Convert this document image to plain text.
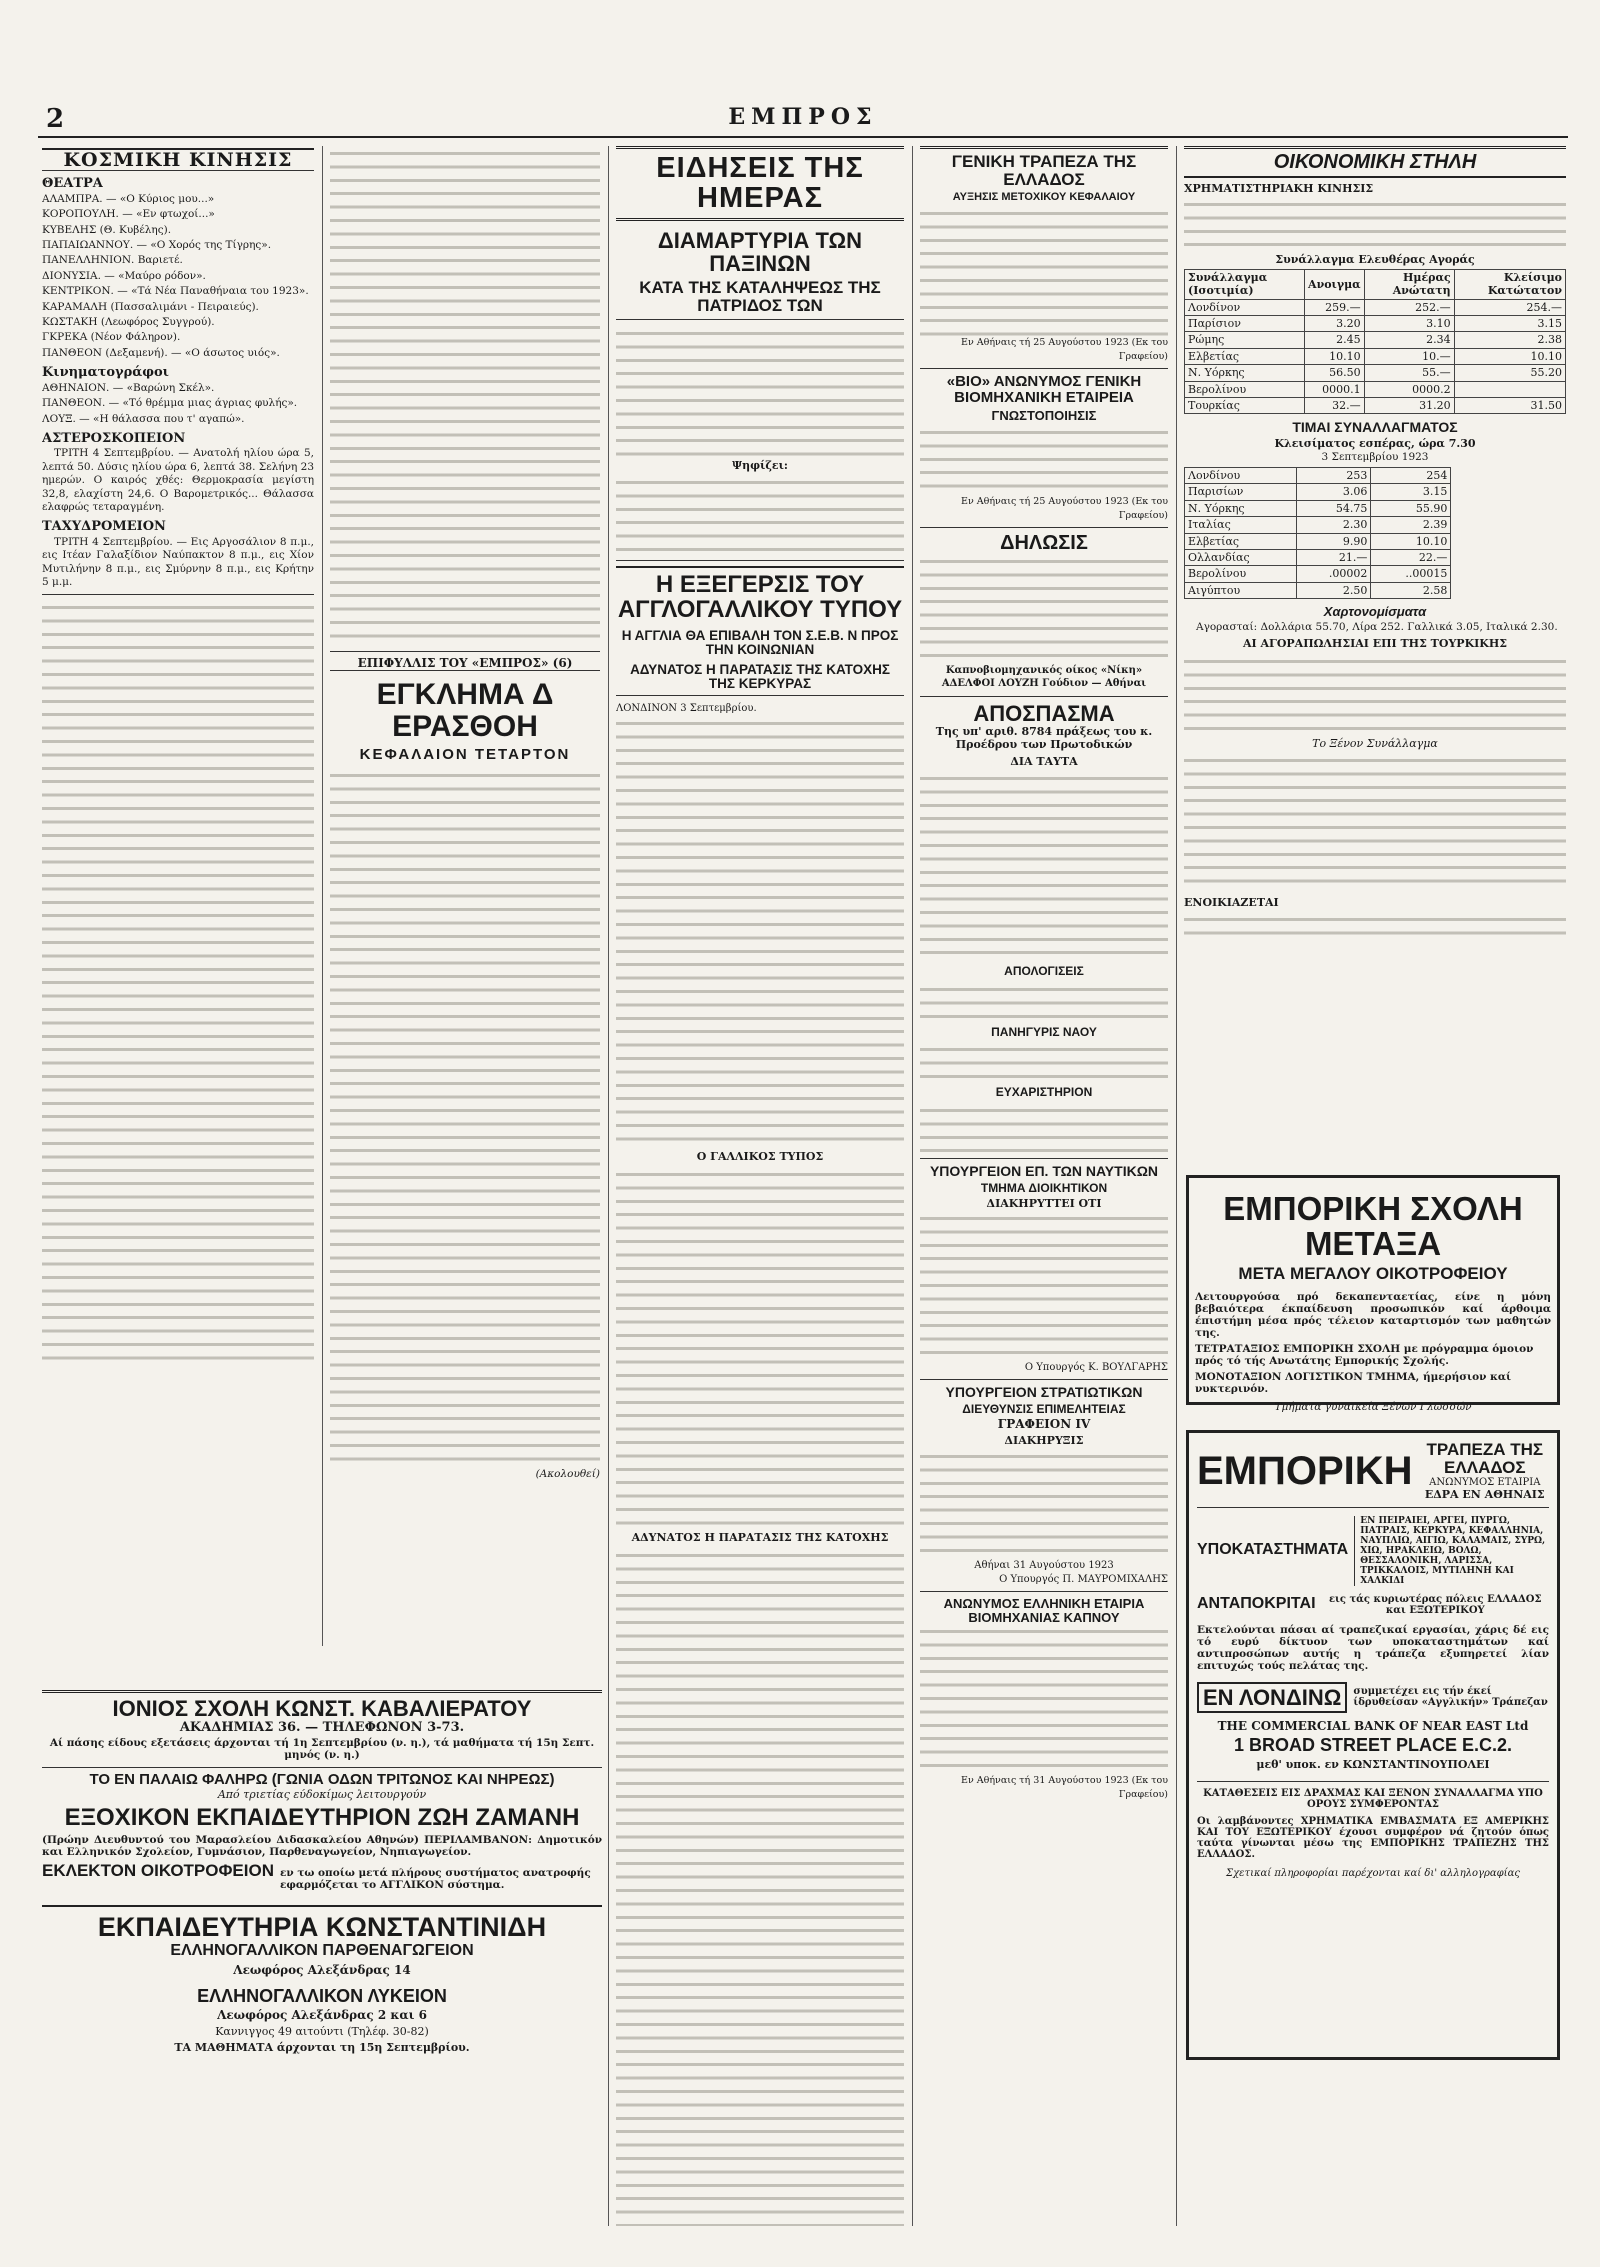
2	ΕΜΠΡΟΣ
ΚΟΣΜΙΚΗ ΚΙΝΗΣΙΣ
ΘΕΑΤΡΑ
ΑΛΑΜΠΡΑ. — «Ο Κύριος μου...»
ΚΟΡΟΠΟΥΛΗ. — «Εν φτωχοί...»
ΚΥΒΕΛΗΣ (Θ. Κυβέλης).
ΠΑΠΑΙΩΑΝΝΟΥ. — «Ο Χορός της Τίγρης».
ΠΑΝΕΛΛΗΝΙΟΝ. Βαριετέ.
ΔΙΟΝΥΣΙΑ. — «Μαύρο ρόδον».
ΚΕΝΤΡΙΚΟΝ. — «Τά Νέα Παναθήναια του 1923».
ΚΑΡΑΜΑΛΗ (Πασσαλιμάνι - Πειραιεύς).
ΚΩΣΤΑΚΗ (Λεωφόρος Συγγρού).
ΓΚΡΕΚΑ (Νέον Φάληρον).
ΠΑΝΘΕΟΝ (Δεξαμενή). — «Ο άσωτος υιός».
Κινηματογράφοι
ΑΘΗΝΑΙΟΝ. — «Βαρώνη Σκέλ».
ΠΑΝΘΕΟΝ. — «Τό θρέμμα μιας άγριας φυλής».
ΛΟΥΞ. — «Η θάλασσα που τ' αγαπώ».
ΑΣΤΕΡΟΣΚΟΠΕΙΟΝ

ΤΡΙΤΗ 4 Σεπτεμβρίου. — Ανατολή ηλίου ώρα 5, λεπτά 50. Δύσις ηλίου ώρα 6, λεπτά 38. Σελήνη 23 ημερών. Ο καιρός χθές: Θερμοκρασία μεγίστη 32,8, ελαχίστη 24,6. Ο Βαρομετρικός... Θάλασσα ελαφρώς τεταραγμένη.

ΤΑΧΥΔΡΟΜΕΙΟΝ

ΤΡΙΤΗ 4 Σεπτεμβρίου. — Εις Αργοσάλιον 8 π.μ., εις Ιτέαν Γαλαξίδιον Ναύπακτον 8 π.μ., εις Χίον Μυτιλήνην 8 π.μ., εις Σμύρνην 8 π.μ., εις Κρήτην 5 μ.μ.

ΕΠΙΦΥΛΛΙΣ ΤΟΥ «ΕΜΠΡΟΣ» (6)
ΕΓΚΛΗΜΑ Δ ΕΡΑΣΘΟΗ
ΚΕΦΑΛΑΙΟΝ ΤΕΤΑΡΤΟΝ
(Ακολουθεί)
ΕΙΔΗΣΕΙΣ ΤΗΣ ΗΜΕΡΑΣ
ΔΙΑΜΑΡΤΥΡΙΑ ΤΩΝ ΠΑΞΙΝΩΝ
ΚΑΤΑ ΤΗΣ ΚΑΤΑΛΗΨΕΩΣ ΤΗΣ ΠΑΤΡΙΔΟΣ ΤΩΝ
Ψηφίζει:
Η ΕΞΕΓΕΡΣΙΣ ΤΟΥ ΑΓΓΛΟΓΑΛΛΙΚΟΥ ΤΥΠΟΥ
Η ΑΓΓΛΙΑ ΘΑ ΕΠΙΒΑΛΗ ΤΟΝ Σ.Ε.Β. Ν ΠΡΟΣ ΤΗΝ ΚΟΙΝΩΝΙΑΝ
ΑΔΥΝΑΤΟΣ Η ΠΑΡΑΤΑΣΙΣ ΤΗΣ ΚΑΤΟΧΗΣ ΤΗΣ ΚΕΡΚΥΡΑΣ
ΛΟΝΔΙΝΟΝ 3 Σεπτεμβρίου.
Ο ΓΑΛΛΙΚΟΣ ΤΥΠΟΣ
ΑΔΥΝΑΤΟΣ Η ΠΑΡΑΤΑΣΙΣ ΤΗΣ ΚΑΤΟΧΗΣ
ΓΕΝΙΚΗ ΤΡΑΠΕΖΑ ΤΗΣ ΕΛΛΑΔΟΣ
ΑΥΞΗΣΙΣ ΜΕΤΟΧΙΚΟΥ ΚΕΦΑΛΑΙΟΥ
Εν Αθήναις τή 25 Αυγούστου 1923 (Εκ του Γραφείου)
«ΒΙΟ» ΑΝΩΝΥΜΟΣ ΓΕΝΙΚΗ ΒΙΟΜΗΧΑΝΙΚΗ ΕΤΑΙΡΕΙΑ
ΓΝΩΣΤΟΠΟΙΗΣΙΣ
Εν Αθήναις τή 25 Αυγούστου 1923 (Εκ του Γραφείου)
ΔΗΛΩΣΙΣ
Καπνοβιομηχανικός οίκος «Νίκη» ΑΔΕΛΦΟΙ ΛΟΥΖΗ Γούδιον — Αθήναι
ΑΠΟΣΠΑΣΜΑ
Της υπ' αριθ. 8784 πράξεως του κ. Προέδρου των Πρωτοδικών
ΔΙΑ ΤΑΥΤΑ
ΑΠΟΛΟΓΙΣΕΙΣ
ΠΑΝΗΓΥΡΙΣ ΝΑΟΥ
ΕΥΧΑΡΙΣΤΗΡΙΟΝ
ΥΠΟΥΡΓΕΙΟΝ ΕΠ. ΤΩΝ ΝΑΥΤΙΚΩΝ
ΤΜΗΜΑ ΔΙΟΙΚΗΤΙΚΟΝ
ΔΙΑΚΗΡΥΤΤΕΙ ΟΤΙ
Ο Υπουργός Κ. ΒΟΥΛΓΑΡΗΣ
ΥΠΟΥΡΓΕΙΟΝ ΣΤΡΑΤΙΩΤΙΚΩΝ
ΔΙΕΥΘΥΝΣΙΣ ΕΠΙΜΕΛΗΤΕΙΑΣ
ΓΡΑΦΕΙΟΝ IV
ΔΙΑΚΗΡΥΞΙΣ
Αθήναι 31 Αυγούστου 1923
Ο Υπουργός Π. ΜΑΥΡΟΜΙΧΑΛΗΣ
ΑΝΩΝΥΜΟΣ ΕΛΛΗΝΙΚΗ ΕΤΑΙΡΙΑ ΒΙΟΜΗΧΑΝΙΑΣ ΚΑΠΝΟΥ
Εν Αθήναις τή 31 Αυγούστου 1923 (Εκ του Γραφείου)
ΟΙΚΟΝΟΜΙΚΗ ΣΤΗΛΗ
ΧΡΗΜΑΤΙΣΤΗΡΙΑΚΗ ΚΙΝΗΣΙΣ
Συνάλλαγμα Ελευθέρας Αγοράς
Συνάλλαγμα (Ισοτιμία)	Ανοιγμα	Ημέρας Ανώτατη	Κλείσιμο Κατώτατον
Λονδίνον	259.—	252.—	254.—
Παρίσιον	3.20	3.10	3.15
Ρώμης	2.45	2.34	2.38
Ελβετίας	10.10	10.—	10.10
Ν. Υόρκης	56.50	55.—	55.20
Βερολίνου	0000.1	0000.2	
Τουρκίας	32.—	31.20	31.50
ΤΙΜΑΙ ΣΥΝΑΛΛΑΓΜΑΤΟΣ
Κλεισίματος εσπέρας, ώρα 7.30
3 Σεπτεμβρίου 1923
Λονδίνου	253	254
Παρισίων	3.06	3.15
Ν. Υόρκης	54.75	55.90
Ιταλίας	2.30	2.39
Ελβετίας	9.90	10.10
Ολλανδίας	21.—	22.—
Βερολίνου	.00002	..00015
Αιγύπτου	2.50	2.58
Χαρτονομίσματα

Αγορασταί: Δολλάρια 55.70, Λίρα 252. Γαλλικά 3.05, Ιταλικά 2.30.

ΑΙ ΑΓΟΡΑΠΩΛΗΣΙΑΙ ΕΠΙ ΤΗΣ ΤΟΥΡΚΙΚΗΣ
Το Ξένον Συνάλλαγμα
ΕΝΟΙΚΙΑΖΕΤΑΙ
ΕΜΠΟΡΙΚΗ ΣΧΟΛΗ ΜΕΤΑΞΑ
ΜΕΤΑ ΜΕΓΑΛΟΥ ΟΙΚΟΤΡΟΦΕΙΟΥ
Λειτουργούσα πρό δεκαπενταετίας, είνε η μόνη βεβαιότερα έκπαίδευση προσωπικόν καί άρθοιμα έπιστήμη μέσα πρός τέλειον καταρτισμόν των μαθητών της.
ΤΕΤΡΑΤΑΞΙΟΣ ΕΜΠΟΡΙΚΗ ΣΧΟΛΗ με πρόγραμμα όμοιον πρός τό τής Ανωτάτης Εμπορικής Σχολής.
ΜΟΝΟΤΑΞΙΟΝ ΛΟΓΙΣΤΙΚΟΝ ΤΜΗΜΑ, ήμερήσιον καί νυκτερινόν.
Τμήματα γυναικεία Ξένων Γλωσσών
ΕΜΠΟΡΙΚΗ ΤΡΑΠΕΖΑ ΤΗΣ ΕΛΛΑΔΟΣ
ΑΝΩΝΥΜΟΣ ΕΤΑΙΡΙΑ
ΕΔΡΑ ΕΝ ΑΘΗΝΑΙΣ
ΥΠΟΚΑΤΑΣΤΗΜΑΤΑ
ΕΝ ΠΕΙΡΑΙΕΙ, ΑΡΓΕΙ, ΠΥΡΓΩ, ΠΑΤΡΑΙΣ, ΚΕΡΚΥΡΑ, ΚΕΦΑΛΛΗΝΙΑ, ΝΑΥΠΛΙΩ, ΑΙΓΙΩ, ΚΑΛΑΜΑΙΣ, ΣΥΡΩ, ΧΙΩ, ΗΡΑΚΛΕΙΩ, ΒΟΛΩ, ΘΕΣΣΑΛΟΝΙΚΗ, ΛΑΡΙΣΣΑ, ΤΡΙΚΚΑΛΟΙΣ, ΜΥΤΙΛΗΝΗ ΚΑΙ ΧΑΛΚΙΔΙ
ΑΝΤΑΠΟΚΡΙΤΑΙ	εις τάς κυριωτέρας πόλεις ΕΛΛΑΔΟΣ και ΕΞΩΤΕΡΙΚΟΥ
Εκτελούνται πάσαι αί τραπεζικαί εργασίαι, χάρις δέ εις τό ευρύ δίκτυον των υποκαταστημάτων καί αντιπροσώπων αυτής η τράπεζα εξυπηρετεί λίαν επιτυχώς τούς πελάτας της.
ΕΝ ΛΟΝΔΙΝΩ	συμμετέχει εις τήν έκεί ίδρυθείσαν «Αγγλικήν» Τράπεζαν
THE COMMERCIAL BANK OF NEAR EAST Ltd
1 BROAD STREET PLACE E.C.2.
μεθ' υποκ. εν ΚΩΝΣΤΑΝΤΙΝΟΥΠΟΛΕΙ
ΚΑΤΑΘΕΣΕΙΣ ΕΙΣ ΔΡΑΧΜΑΣ ΚΑΙ ΞΕΝΟΝ ΣΥΝΑΛΛΑΓΜΑ ΥΠΟ ΟΡΟΥΣ ΣΥΜΦΕΡΟΝΤΑΣ
Οι λαμβάνοντες ΧΡΗΜΑΤΙΚΑ ΕΜΒΑΣΜΑΤΑ ΕΞ ΑΜΕΡΙΚΗΣ ΚΑΙ ΤΟΥ ΕΞΩΤΕΡΙΚΟΥ έχουσι συμφέρον νά ζητούν όπως ταύτα γίνωνται μέσω της ΕΜΠΟΡΙΚΗΣ ΤΡΑΠΕΖΗΣ ΤΗΣ ΕΛΛΑΔΟΣ.
Σχετικαί πληροφορίαι παρέχονται καί δι' αλληλογραφίας
ΙΟΝΙΟΣ ΣΧΟΛΗ ΚΩΝΣΤ. ΚΑΒΑΛΙΕΡΑΤΟΥ
ΑΚΑΔΗΜΙΑΣ 36. — ΤΗΛΕΦΩΝΟΝ 3-73.
Αί πάσης είδους εξετάσεις άρχονται τή 1η Σεπτεμβρίου (ν. η.), τά μαθήματα τή 15η Σεπτ. μηνός (ν. η.)
ΤΟ ΕΝ ΠΑΛΑΙΩ ΦΑΛΗΡΩ (ΓΩΝΙΑ ΟΔΩΝ ΤΡΙΤΩΝΟΣ ΚΑΙ ΝΗΡΕΩΣ)
Από τριετίας εύδοκίμως λειτουργούν
ΕΞΟΧΙΚΟΝ ΕΚΠΑΙΔΕΥΤΗΡΙΟΝ ΖΩΗ ΖΑΜΑΝΗ
(Πρώην Διευθυντού του Μαρασλείου Διδασκαλείου Αθηνών) ΠΕΡΙΛΑΜΒΑΝΟΝ: Δημοτικόν και Ελληνικόν Σχολείον, Γυμνάσιον, Παρθεναγωγείον, Νηπιαγωγείον.
ΕΚΛΕΚΤΟΝ ΟΙΚΟΤΡΟΦΕΙΟΝ εν τω οποίω μετά πλήρους συστήματος ανατροφής εφαρμόζεται το ΑΓΓΛΙΚΟΝ σύστημα.
ΕΚΠΑΙΔΕΥΤΗΡΙΑ ΚΩΝΣΤΑΝΤΙΝΙΔΗ
ΕΛΛΗΝΟΓΑΛΛΙΚΟΝ ΠΑΡΘΕΝΑΓΩΓΕΙΟΝ
Λεωφόρος Αλεξάνδρας 14
ΕΛΛΗΝΟΓΑΛΛΙΚΟΝ ΛΥΚΕΙΟΝ
Λεωφόρος Αλεξάνδρας 2 και 6
Καννιγγος 49 αιτούντι (Τηλέφ. 30-82)
ΤΑ ΜΑΘΗΜΑΤΑ άρχονται τη 15η Σεπτεμβρίου.
